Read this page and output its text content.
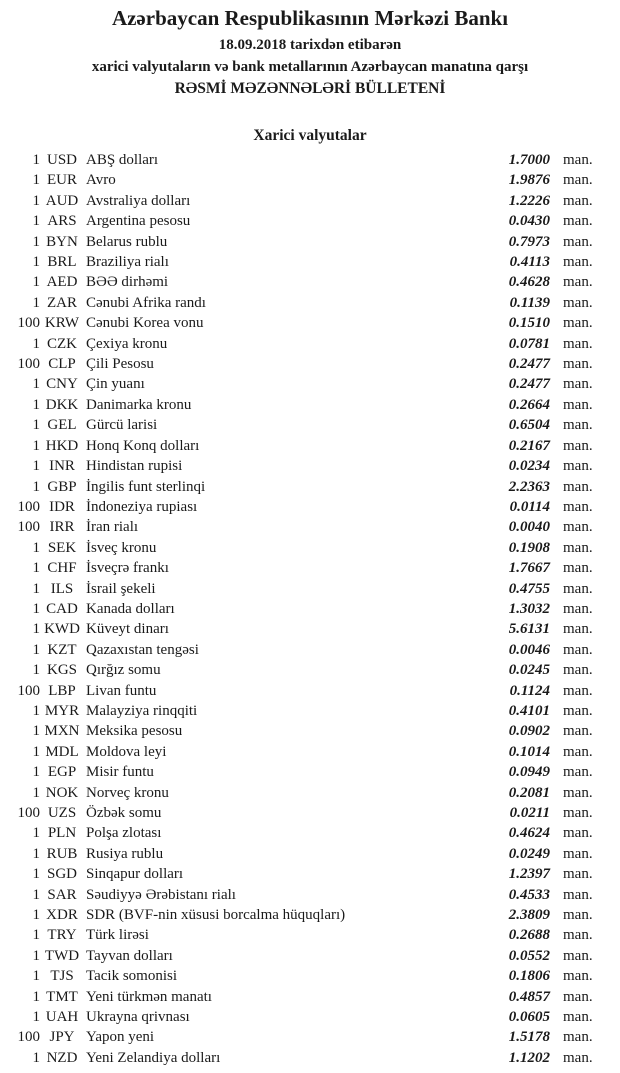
Azərbaycan Respublikasının Mərkəzi Bankı
18.09.2018 tarixdən etibarən
xarici valyutaların və bank metallarının Azərbaycan manatına qarşı
RƏSMİ MƏZƏNNƏLƏRİ BÜLLETENİ
Xarici valyutalar
1 USD ABŞ dolları	1.7000 man.
1 EUR Avro	1.9876 man.
1 AUD Avstraliya dolları	1.2226 man.
1 ARS Argentina pesosu	0.0430 man.
1 BYN Belarus rublu	0.7973 man.
1 BRL Braziliya rialı	0.4113 man.
1 AED BƏƏ dirhəmi	0.4628 man.
1 ZAR Cənubi Afrika randı	0.1139 man.
100 KRW Cənubi Korea vonu	0.1510 man.
1 CZK Çexiya kronu	0.0781 man.
100 CLP Çili Pesosu	0.2477 man.
1 CNY Çin yuanı	0.2477 man.
1 DKK Danimarka kronu	0.2664 man.
1 GEL Gürcü larisi	0.6504 man.
1 HKD Honq Konq dolları	0.2167 man.
1 INR Hindistan rupisi	0.0234 man.
1 GBP İngilis funt sterlinqi	2.2363 man.
100 IDR İndoneziya rupiası	0.0114 man.
100 IRR İran rialı	0.0040 man.
1 SEK İsveç kronu	0.1908 man.
1 CHF İsveçrə frankı	1.7667 man.
1 ILS İsrail şekeli	0.4755 man.
1 CAD Kanada dolları	1.3032 man.
1 KWD Küveyt dinarı	5.6131 man.
1 KZT Qazaxıstan tengəsi	0.0046 man.
1 KGS Qırğız somu	0.0245 man.
100 LBP Livan funtu	0.1124 man.
1 MYR Malayziya rinqqiti	0.4101 man.
1 MXN Meksika pesosu	0.0902 man.
1 MDL Moldova leyi	0.1014 man.
1 EGP Misir funtu	0.0949 man.
1 NOK Norveç kronu	0.2081 man.
100 UZS Özbək somu	0.0211 man.
1 PLN Polşa zlotası	0.4624 man.
1 RUB Rusiya rublu	0.0249 man.
1 SGD Sinqapur dolları	1.2397 man.
1 SAR Səudiyyə Ərəbistanı rialı	0.4533 man.
1 XDR SDR (BVF-nin xüsusi borcalma hüquqları)	2.3809 man.
1 TRY Türk lirəsi	0.2688 man.
1 TWD Tayvan dolları	0.0552 man.
1 TJS Tacik somonisi	0.1806 man.
1 TMT Yeni türkmən manatı	0.4857 man.
1 UAH Ukrayna qrivnası	0.0605 man.
100 JPY Yapon yeni	1.5178 man.
1 NZD Yeni Zelandiya dolları	1.1202 man.
